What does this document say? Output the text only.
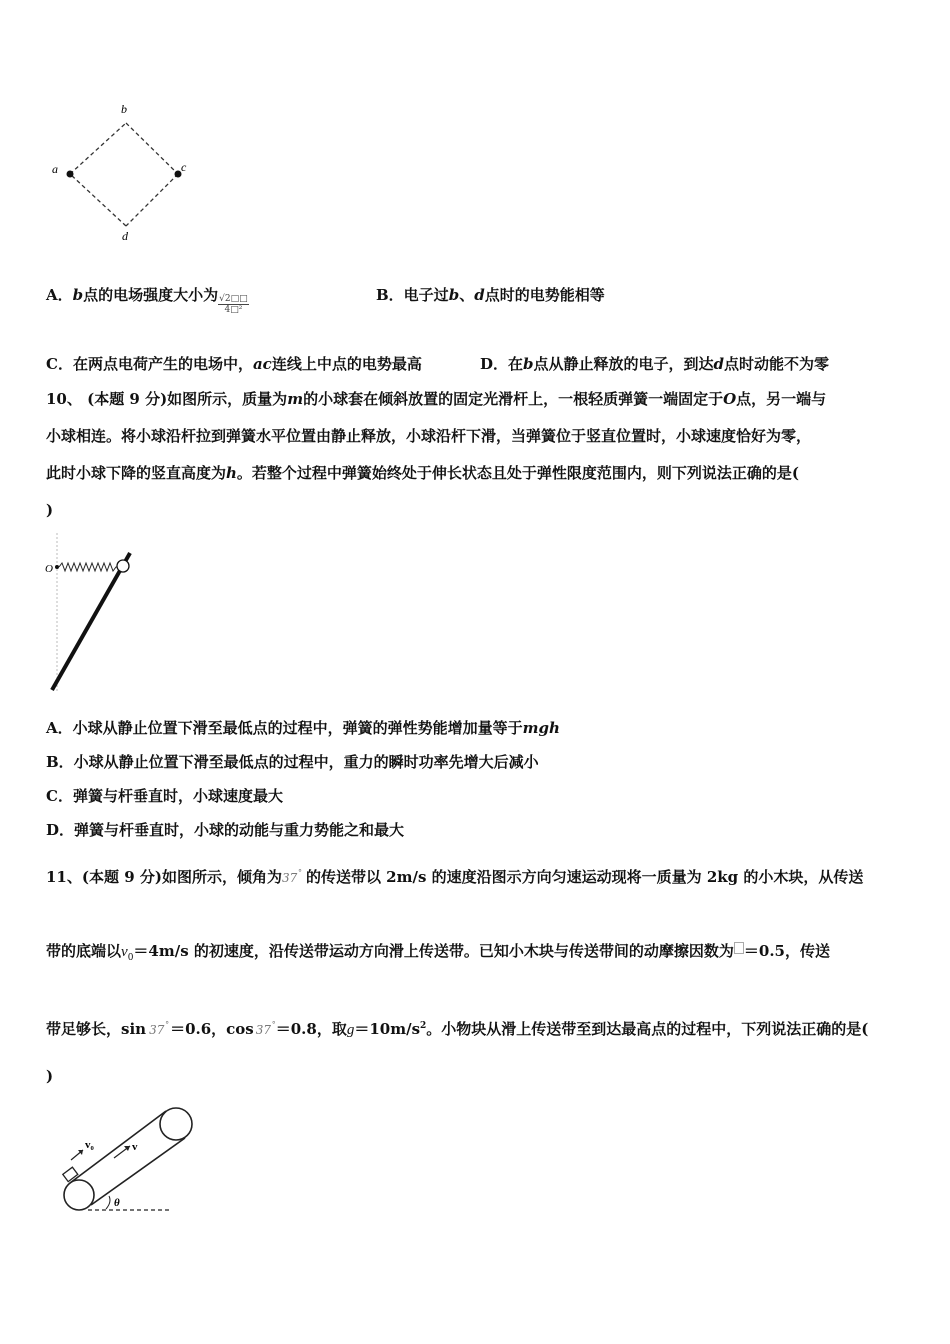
b
a	c
d
A．b点的电场强度大小为 $\frac{√2□□}{\text{4□²}}$	B．电子过b、d点时的电势能相等
C．在两点电荷产生的电场中，ac连线上中点的电势最高	D．在b点从静止释放的电子，到达d点时动能不为零
10、 (本题 9 分)如图所示，质量为m的小球套在倾斜放置的固定光滑杆上，一根轻质弹簧一端固定于O点，另一端与
小球相连。将小球沿杆拉到弹簧水平位置由静止释放，小球沿杆下滑，当弹簧位于竖直位置时，小球速度恰好为零，
此时小球下降的竖直高度为h。若整个过程中弹簧始终处于伸长状态且处于弹性限度范围内，则下列说法正确的是(
)
O
A．小球从静止位置下滑至最低点的过程中，弹簧的弹性势能增加量等于mgh
B．小球从静止位置下滑至最低点的过程中，重力的瞬时功率先增大后减小
C．弹簧与杆垂直时，小球速度最大
D．弹簧与杆垂直时，小球的动能与重力势能之和最大
11、(本题 9 分)如图所示，倾角为 37 ° 的传送带以 2m/s 的速度沿图示方向匀速运动现将一质量为 2kg 的小木块，从传送
带的底端以$v_0=4m/s$ 的初速度，沿传送带运动方向滑上传送带。已知小木块与传送带间的动摩擦因数为 ＝0.5，传送
带足够长，sin 37 ° ＝0.6，cos 37 ° ＝0.8，取$g=10m/s^2$。小物块从滑上传送带至到达最高点的过程中，下列说法正确的是(
)
v₀	v
θ
